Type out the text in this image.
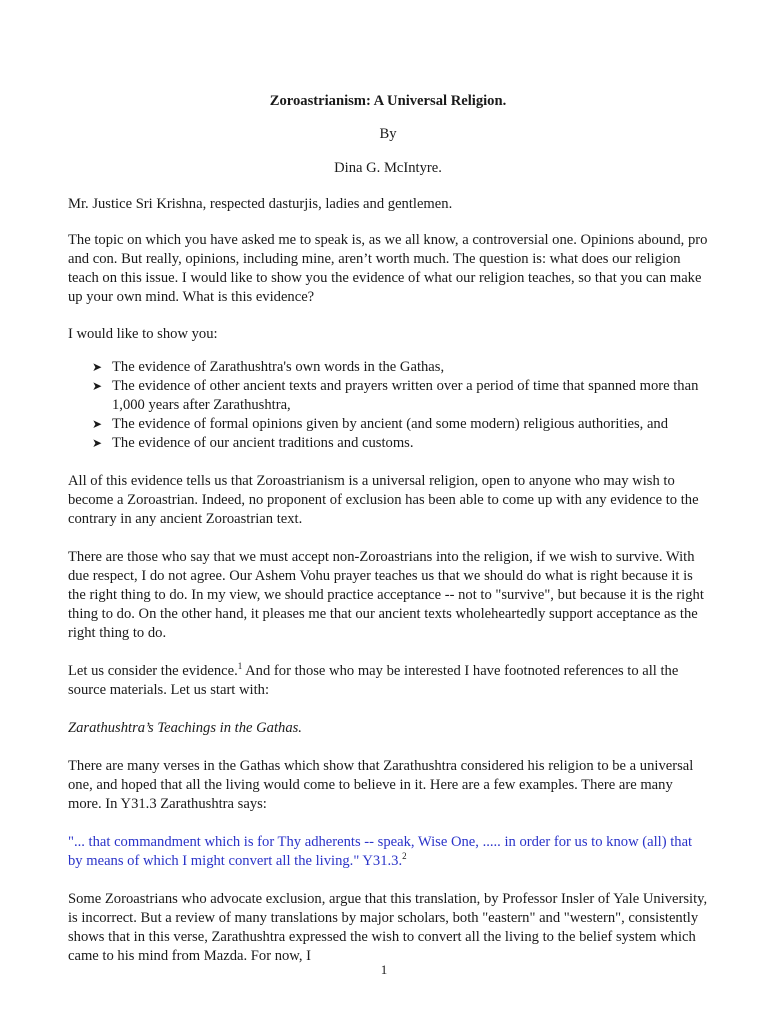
Zoroastrianism: A Universal Religion.

By

Dina G. McIntyre.

Mr. Justice Sri Krishna, respected dasturjis, ladies and gentlemen.

The topic on which you have asked me to speak is, as we all know, a controversial one. Opinions abound, pro and con. But really, opinions, including mine, aren’t worth much. The question is: what does our religion teach on this issue. I would like to show you the evidence of what our religion teaches, so that you can make up your own mind. What is this evidence?

I would like to show you:

➤ The evidence of Zarathushtra's own words in the Gathas,
➤ The evidence of other ancient texts and prayers written over a period of time that spanned more than 1,000 years after Zarathushtra,
➤ The evidence of formal opinions given by ancient (and some modern) religious authorities, and
➤ The evidence of our ancient traditions and customs.

All of this evidence tells us that Zoroastrianism is a universal religion, open to anyone who may wish to become a Zoroastrian. Indeed, no proponent of exclusion has been able to come up with any evidence to the contrary in any ancient Zoroastrian text.

There are those who say that we must accept non-Zoroastrians into the religion, if we wish to survive. With due respect, I do not agree. Our Ashem Vohu prayer teaches us that we should do what is right because it is the right thing to do. In my view, we should practice acceptance -- not to "survive", but because it is the right thing to do. On the other hand, it pleases me that our ancient texts wholeheartedly support acceptance as the right thing to do.

Let us consider the evidence.$^1$ And for those who may be interested I have footnoted references to all the source materials. Let us start with:

Zarathushtra’s Teachings in the Gathas.

There are many verses in the Gathas which show that Zarathushtra considered his religion to be a universal one, and hoped that all the living would come to believe in it. Here are a few examples. There are many more. In Y31.3 Zarathushtra says:

"... that commandment which is for Thy adherents -- speak, Wise One, ..... in order for us to know (all) that by means of which I might convert all the living." Y31.3.$^2$

Some Zoroastrians who advocate exclusion, argue that this translation, by Professor Insler of Yale University, is incorrect. But a review of many translations by major scholars, both "eastern" and "western", consistently shows that in this verse, Zarathushtra expressed the wish to convert all the living to the belief system which came to his mind from Mazda. For now, I

1
